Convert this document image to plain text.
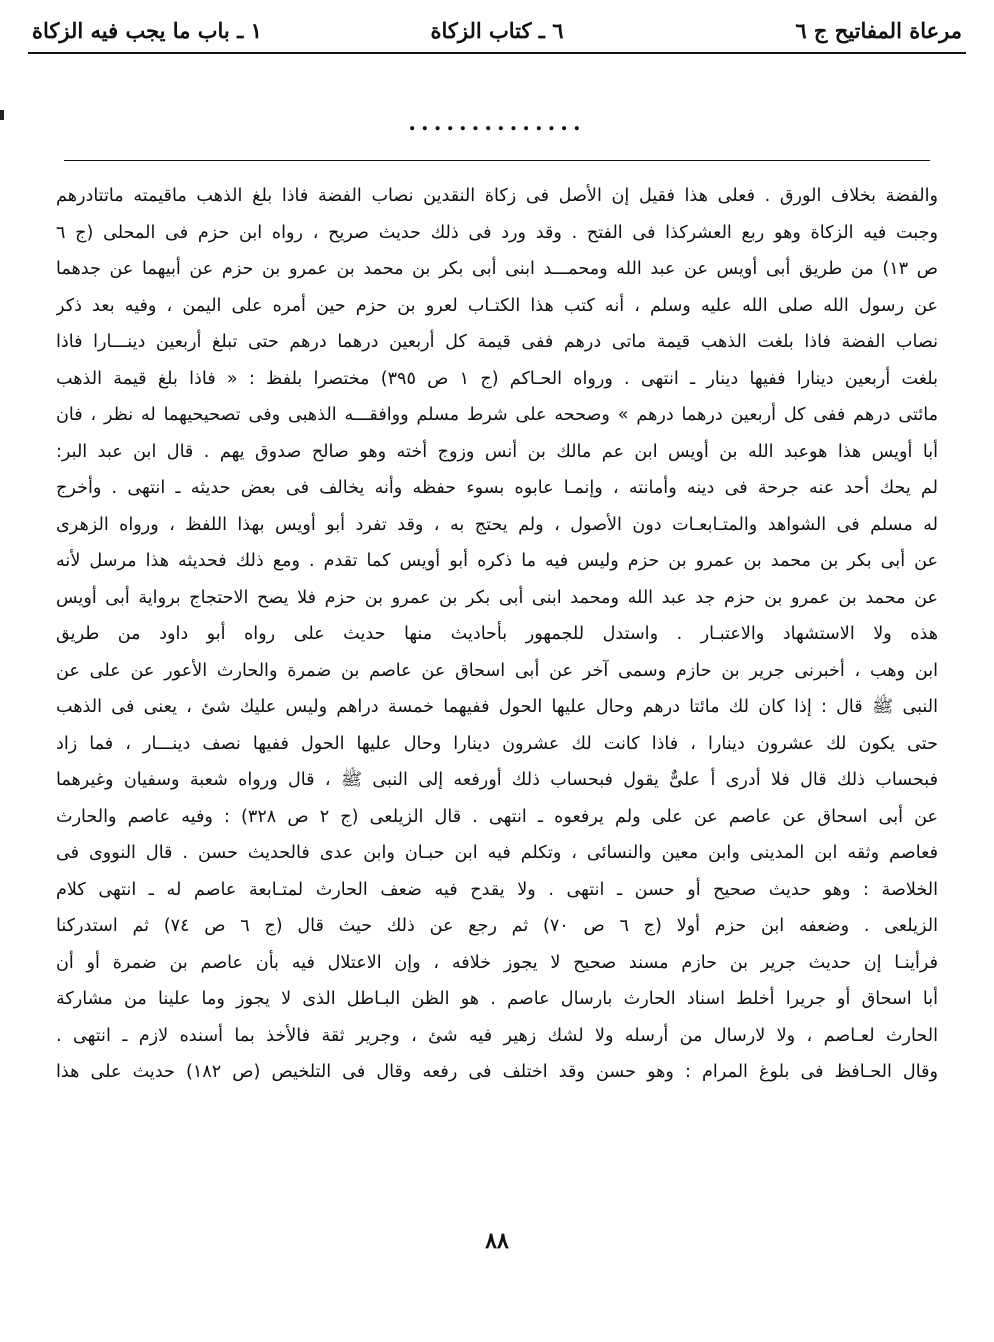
مرعاة المفاتيح ج ٦
٦ ـ كتاب الزكاة
١ ـ باب ما يجب فيه الزكاة
..............
والفضة بخلاف الورق . فعلى هذا فقيل إن الأصل فى زكاة النقدين نصاب الفضة فاذا بلغ الذهب ماقيمته ماتتادرهم
وجبت فيه الزكاة وهو ربع العشركذا فى الفتح . وقد ورد فى ذلك حديث صريح ، رواه ابن حزم فى المحلى (ج ٦
ص ١٣) من طريق أبى أويس عن عبد الله ومحمـــد ابنى أبى بكر بن محمد بن عمرو بن حزم عن أبيهما عن جدهما
عن رسول الله صلى الله عليه وسلم ، أنه كتب هذا الكتـاب لعرو بن حزم حين أمره على اليمن ، وفيه بعد ذكر
نصاب الفضة فاذا بلغت الذهب قيمة ماتى درهم ففى قيمة كل أربعين درهما درهم حتى تبلغ أربعين دينـــارا فاذا
بلغت أربعين دينارا ففيها دينار ـ انتهى . ورواه الحـاكم (ج ١ ص ٣٩٥) مختصرا بلفظ : « فاذا بلغ قيمة الذهب
مائتى درهم ففى كل أربعين درهما درهم » وصححه على شرط مسلم ووافقـــه الذهبى وفى تصحيحيهما له نظر ، فان
أبا أويس هذا هوعبد الله بن أويس ابن عم مالك بن أنس وزوج أخته وهو صالح صدوق يهم . قال ابن عبد البر:
لم يحك أحد عنه جرحة فى دينه وأمانته ، وإنمـا عابوه بسوء حفظه وأنه يخالف فى بعض حديثه ـ انتهى . وأخرج
له مسلم فى الشواهد والمتـابعـات دون الأصول ، ولم يحتج به ، وقد تفرد أبو أويس بهذا اللفظ ، ورواه الزهرى
عن أبى بكر بن محمد بن عمرو بن حزم وليس فيه ما ذكره أبو أويس كما تقدم . ومع ذلك فحديثه هذا مرسل لأنه
عن محمد بن عمرو بن حزم جد عبد الله ومحمد ابنى أبى بكر بن عمرو بن حزم فلا يصح الاحتجاج برواية أبى أويس
هذه ولا الاستشهاد والاعتبـار . واستدل للجمهور بأحاديث منها حديث على رواه أبو داود من طريق
ابن وهب ، أخبرنى جرير بن حازم وسمى آخر عن أبى اسحاق عن عاصم بن ضمرة والحارث الأعور عن على عن
النبى ﷺ قال : إذا كان لك مائتا درهم وحال عليها الحول ففيهما خمسة دراهم وليس عليك شئ ، يعنى فى الذهب
حتى يكون لك عشرون دينارا ، فاذا كانت لك عشرون دينارا وحال عليها الحول ففيها نصف دينـــار ، فما زاد
فبحساب ذلك قال فلا أدرى أ علىٌّ يقول فبحساب ذلك أورفعه إلى النبى ﷺ ، قال ورواه شعبة وسفيان وغيرهما
عن أبى اسحاق عن عاصم عن على ولم يرفعوه ـ انتهى . قال الزيلعى (ج ٢ ص ٣٢٨) : وفيه عاصم والحارث
فعاصم وثقه ابن المدينى وابن معين والنسائى ، وتكلم فيه ابن حبـان وابن عدى فالحديث حسن . قال النووى فى
الخلاصة : وهو حديث صحيح أو حسن ـ انتهى . ولا يقدح فيه ضعف الحارث لمتـابعة عاصم له ـ انتهى كلام
الزيلعى . وضعفه ابن حزم أولا (ج ٦ ص ٧٠) ثم رجع عن ذلك حيث قال (ج ٦ ص ٧٤) ثم استدركنا
فرأينـا إن حديث جرير بن حازم مسند صحيح لا يجوز خلافه ، وإن الاعتلال فيه بأن عاصم بن ضمرة أو أن
أبا اسحاق أو جريرا أخلط اسناد الحارث بارسال عاصم . هو الظن البـاطل الذى لا يجوز وما علينا من مشاركة
الحارث لعـاصم ، ولا لارسال من أرسله ولا لشك زهير فيه شئ ، وجرير ثقة فالأخذ بما أسنده لازم ـ انتهى .
وقال الحـافظ فى بلوغ المرام : وهو حسن وقد اختلف فى رفعه وقال فى التلخيص (ص ١٨٢) حديث على هذا
٨٨
